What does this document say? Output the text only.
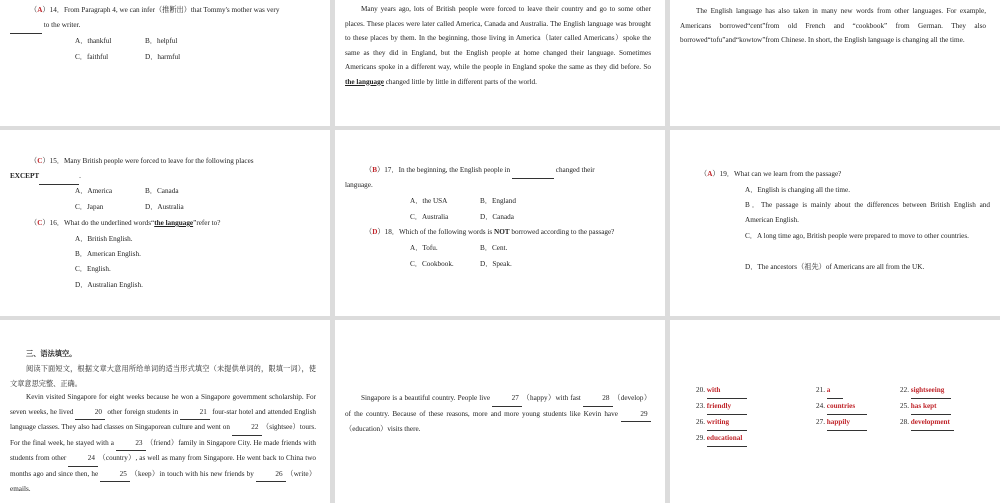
（A）14．From Paragraph 4, we can infer（推断出）that Tommy's mother was very
to the writer.
A．thankful	B．helpful
C．faithful	D．harmful
Many years ago, lots of British people were forced to leave their country and go to some other places. These places were later called America, Canada and Australia. The English language was brought to these places by them. In the beginning, those living in America（later called Americans）spoke the same as they did in England, but the English people at home changed their language. Sometimes Americans spoke in a different way, while the people in England spoke the same as they did before. So the language changed little by little in different parts of the world.
The English language has also taken in many new words from other languages. For example, Americans borrowed“cent”from old French and “cookbook” from German. They also borrowed“tofu”and“kowtow”from Chinese. In short, the English language is changing all the time.
（C）15．Many British people were forced to leave for the following places
EXCEPT	.
A．America	B．Canada
C．Japan	D．Australia
（C）16．What do the underlined words“the language”refer to?
A．British English.
B．American English.
C．English.
D．Australian English.
（B）17．In the beginning, the English people in	changed their
language.
A．the USA	B．England
C．Australia	D．Canada
（D）18．Which of the following words is NOT borrowed according to the passage?
A．Tofu.	B．Cent.
C．Cookbook.	D．Speak.
（A）19．What can we learn from the passage?
A．English is changing all the time.
B．The passage is mainly about the differences between British English and American English.
C．A long time ago, British people were prepared to move to other countries.
D．The ancestors（祖先）of Americans are all from the UK.
三、语法填空。
阅读下面短文，根据文章大意用所给单词的适当形式填空（未提供单词的，限填一词），使文章意思完整、正确。
Kevin visited Singapore for eight weeks because he won a Singapore government scholarship. For seven weeks, he lived	20 other foreign students in	21 four-star hotel and attended English language classes. They also had classes on Singaporean culture and went on	22 （sightsee）tours. For the final week, he stayed with a	23 （friend）family in Singapore City. He made friends with students from other	24 （country）, as well as many from Singapore. He went back to China two months ago and since then, he	25 （keep）in touch with his new friends by	26 （write）emails.
Singapore is a beautiful country. People live	27 （happy）with fast	28 （develop）of the country. Because of these reasons, more and more young students like Kevin have	29（education）visits there.
20. with	21. a	22. sightseeing
23. friendly	24. countries	25. has kept
26. writing	27. happily	28. development
29. educational
